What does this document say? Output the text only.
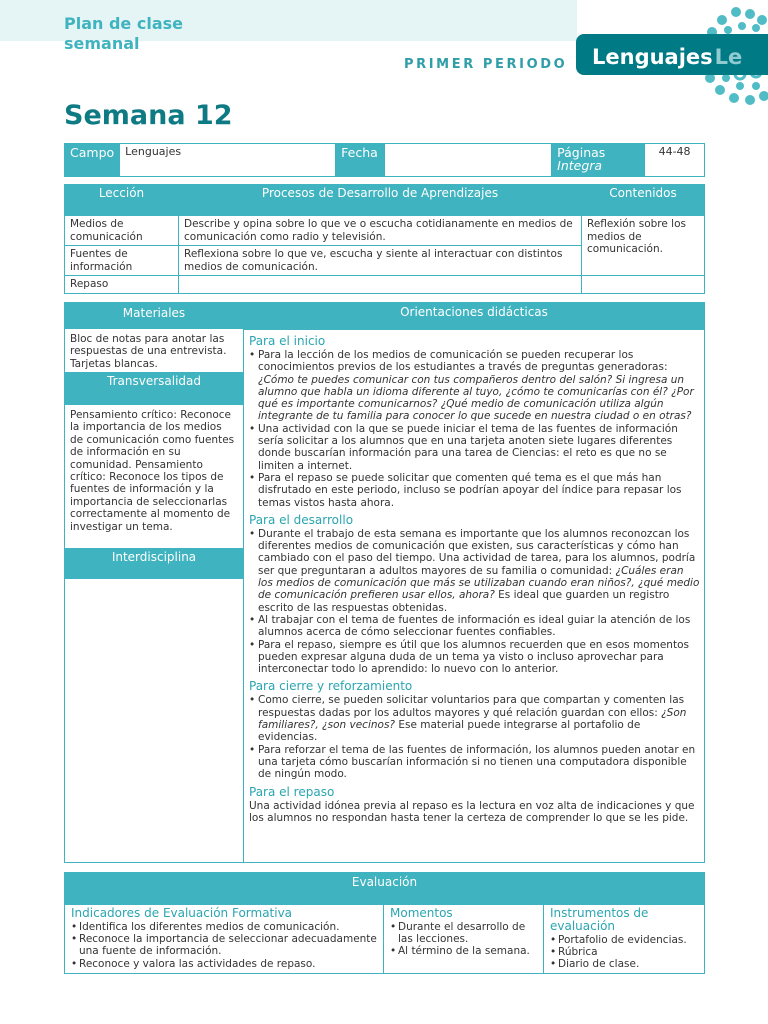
Plan de clase semanal
PRIMER PERIODO LenguajesLe
Semana 12
Campo	Lenguajes	Fecha		Páginas
Integra	44-48
Lección	Procesos de Desarrollo de Aprendizajes	Contenidos
Medios de comunicación	Describe y opina sobre lo que ve o escucha cotidianamente en medios de comunicación como radio y televisión.	Reflexión sobre los medios de comunicación.
Fuentes de información	Reflexiona sobre lo que ve, escucha y siente al interactuar con distintos medios de comunicación.	
Repaso		
Materiales
Bloc de notas para anotar las respuestas de una entrevista. Tarjetas blancas.
Transversalidad
Pensamiento crítico: Reconoce la importancia de los medios de comunicación como fuentes de información en su comunidad. Pensamiento crítico: Reconoce los tipos de fuentes de información y la importancia de seleccionarlas correctamente al momento de investigar un tema.
Interdisciplina
Orientaciones didácticas
Para el inicio
• Para la lección de los medios de comunicación se pueden recuperar los conocimientos previos de los estudiantes a través de preguntas generadoras: ¿Cómo te puedes comunicar con tus compañeros dentro del salón? Si ingresa un alumno que habla un idioma diferente al tuyo, ¿cómo te comunicarías con él? ¿Por qué es importante comunicarnos? ¿Qué medio de comunicación utiliza algún integrante de tu familia para conocer lo que sucede en nuestra ciudad o en otras?
• Una actividad con la que se puede iniciar el tema de las fuentes de información sería solicitar a los alumnos que en una tarjeta anoten siete lugares diferentes donde buscarían información para una tarea de Ciencias: el reto es que no se limiten a internet.
• Para el repaso se puede solicitar que comenten qué tema es el que más han disfrutado en este periodo, incluso se podrían apoyar del índice para repasar los temas vistos hasta ahora.
Para el desarrollo
• Durante el trabajo de esta semana es importante que los alumnos reconozcan los diferentes medios de comunicación que existen, sus características y cómo han cambiado con el paso del tiempo. Una actividad de tarea, para los alumnos, podría ser que preguntaran a adultos mayores de su familia o comunidad: ¿Cuáles eran los medios de comunicación que más se utilizaban cuando eran niños?, ¿qué medio de comunicación prefieren usar ellos, ahora? Es ideal que guarden un registro escrito de las respuestas obtenidas.
• Al trabajar con el tema de fuentes de información es ideal guiar la atención de los alumnos acerca de cómo seleccionar fuentes confiables.
• Para el repaso, siempre es útil que los alumnos recuerden que en esos momentos pueden expresar alguna duda de un tema ya visto o incluso aprovechar para interconectar todo lo aprendido: lo nuevo con lo anterior.
Para cierre y reforzamiento
• Como cierre, se pueden solicitar voluntarios para que compartan y comenten las respuestas dadas por los adultos mayores y qué relación guardan con ellos: ¿Son familiares?, ¿son vecinos? Ese material puede integrarse al portafolio de evidencias.
• Para reforzar el tema de las fuentes de información, los alumnos pueden anotar en una tarjeta cómo buscarían información si no tienen una computadora disponible de ningún modo.
Para el repaso
Una actividad idónea previa al repaso es la lectura en voz alta de indicaciones y que los alumnos no respondan hasta tener la certeza de comprender lo que se les pide.
Evaluación
Indicadores de Evaluación Formativa
• Identifica los diferentes medios de comunicación.
• Reconoce la importancia de seleccionar adecuadamente una fuente de información.
• Reconoce y valora las actividades de repaso.
Momentos
• Durante el desarrollo de las lecciones.
• Al término de la semana.
Instrumentos de evaluación
• Portafolio de evidencias.
• Rúbrica
• Diario de clase.
